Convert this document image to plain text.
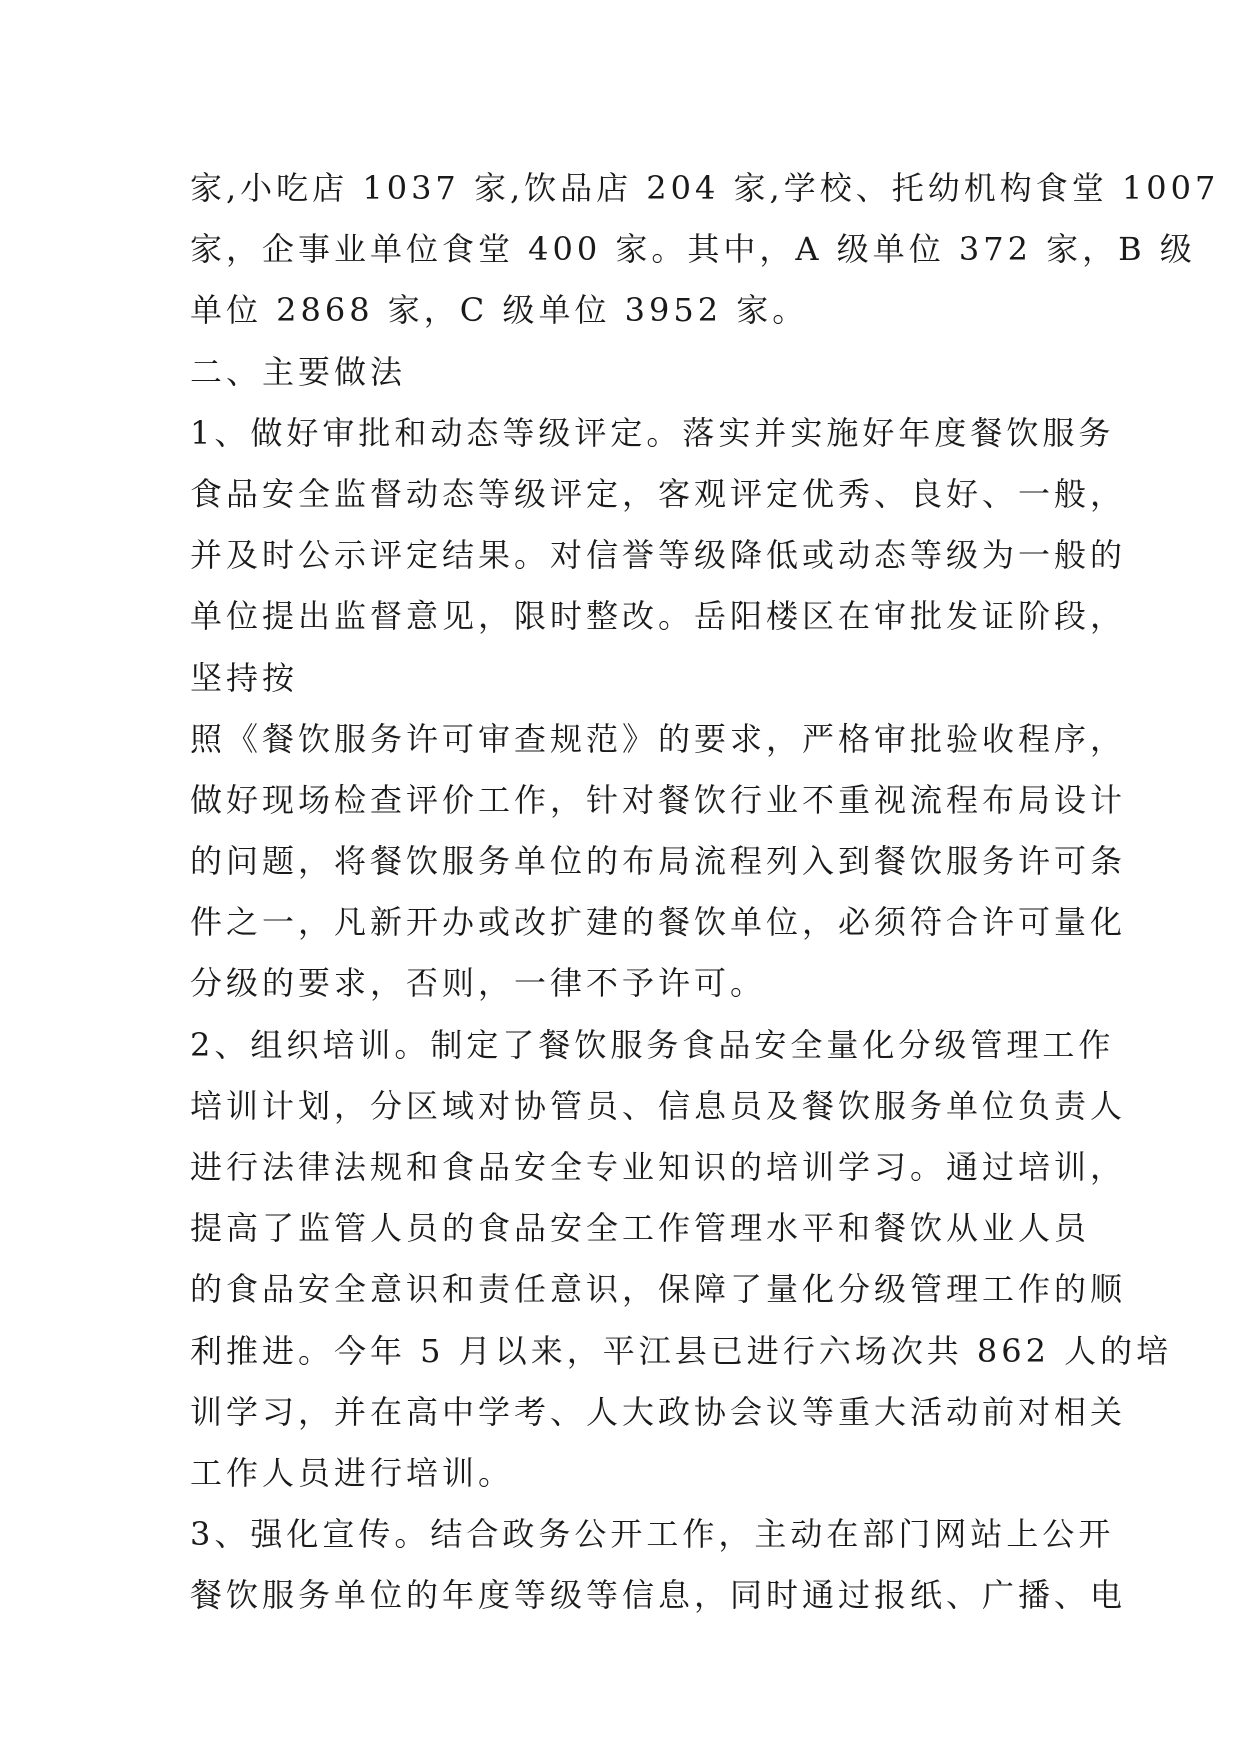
家,小吃店 1037 家,饮品店 204 家,学校、托幼机构食堂 1007
家，企事业单位食堂 400 家。其中，A 级单位 372 家，B 级
单位 2868 家，C 级单位 3952 家。
二、主要做法
1、做好审批和动态等级评定。落实并实施好年度餐饮服务
食品安全监督动态等级评定，客观评定优秀、良好、一般，
并及时公示评定结果。对信誉等级降低或动态等级为一般的
单位提出监督意见，限时整改。岳阳楼区在审批发证阶段，
坚持按
照《餐饮服务许可审查规范》的要求，严格审批验收程序，
做好现场检查评价工作，针对餐饮行业不重视流程布局设计
的问题，将餐饮服务单位的布局流程列入到餐饮服务许可条
件之一，凡新开办或改扩建的餐饮单位，必须符合许可量化
分级的要求，否则，一律不予许可。
2、组织培训。制定了餐饮服务食品安全量化分级管理工作
培训计划，分区域对协管员、信息员及餐饮服务单位负责人
进行法律法规和食品安全专业知识的培训学习。通过培训，
提高了监管人员的食品安全工作管理水平和餐饮从业人员
的食品安全意识和责任意识，保障了量化分级管理工作的顺
利推进。今年 5 月以来，平江县已进行六场次共 862 人的培
训学习，并在高中学考、人大政协会议等重大活动前对相关
工作人员进行培训。
3、强化宣传。结合政务公开工作，主动在部门网站上公开
餐饮服务单位的年度等级等信息，同时通过报纸、广播、电
